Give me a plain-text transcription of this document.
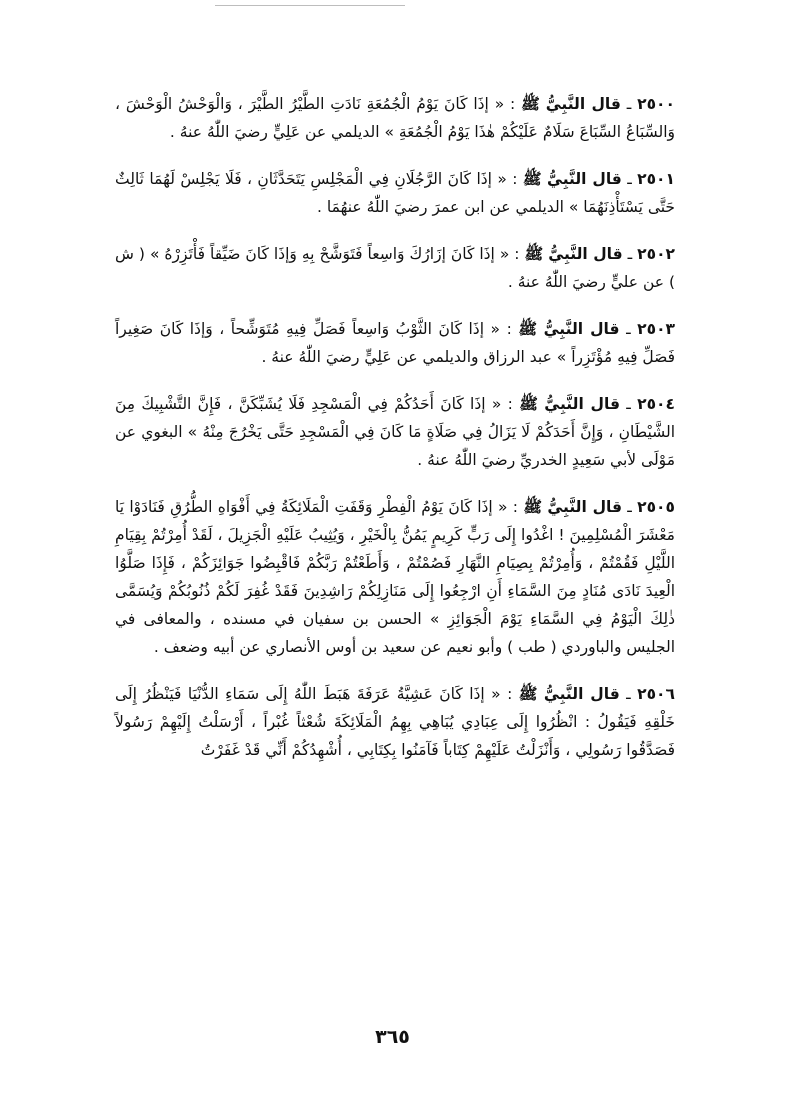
٢٥٠٠ ـ قال النَّبِيُّ ﷺ : « إذَا كَانَ يَوْمُ الْجُمُعَةِ نَادَتِ الطَّيْرُ الطَّيْرَ ، وَالْوَحْشُ الْوَحْشَ ، وَالسِّبَاعُ السِّبَاعَ سَلَامٌ عَلَيْكُمْ هٰذَا يَوْمُ الْجُمُعَةِ » الديلمي عن عَلِيٍّ رضيَ اللّٰهُ عنهُ .

٢٥٠١ ـ قال النَّبِيُّ ﷺ : « إذَا كَانَ الرَّجُلَانِ فِي الْمَجْلِسِ يَتَحَدَّثَانِ ، فَلَا يَجْلِسْ لَهُمَا ثَالِثٌ حَتَّى يَسْتَأْذِنَهُمَا » الديلمي عن ابن عمرَ رضيَ اللّٰهُ عنهُمَا .

٢٥٠٢ ـ قال النَّبِيُّ ﷺ : « إذَا كَانَ إزَارُكَ وَاسِعاً فَتَوَشَّحْ بِهِ وَإذَا كَانَ ضَيِّقاً فَأْتَزِرْهُ » ( ش ) عن عليٍّ رضيَ اللّٰهُ عنهُ .

٢٥٠٣ ـ قال النَّبِيُّ ﷺ : « إذَا كَانَ الثَّوْبُ وَاسِعاً فَصَلِّ فِيهِ مُتَوَشِّحاً ، وَإذَا كَانَ صَغِيراً فَصَلِّ فِيهِ مُؤْتَزِراً » عبد الرزاق والديلمي عن عَلِيٍّ رضيَ اللّٰهُ عنهُ .

٢٥٠٤ ـ قال النَّبِيُّ ﷺ : « إذَا كَانَ أَحَدُكُمْ فِي الْمَسْجِدِ فَلَا يُشَبِّكَنَّ ، فَإِنَّ التَّشْبِيكَ مِنَ الشَّيْطَانِ ، وَإِنَّ أَحَدَكُمْ لَا يَزَالُ فِي صَلَاةٍ مَا كَانَ فِي الْمَسْجِدِ حَتَّى يَخْرُجَ مِنْهُ » البغوي عن مَوْلَى لأبي سَعِيدٍ الخدريِّ رضيَ اللّٰهُ عنهُ .

٢٥٠٥ ـ قال النَّبِيُّ ﷺ : « إذَا كَانَ يَوْمُ الْفِطْرِ وَقَفَتِ الْمَلَائِكَةُ فِي أَفْوَاهِ الطُّرُقِ فَنَادَوْا يَا مَعْشَرَ الْمُسْلِمِينَ ! اغْدُوا إِلَى رَبٍّ كَرِيمٍ يَمُنُّ بِالْخَيْرِ ، وَيُثِيبُ عَلَيْهِ الْجَزِيلَ ، لَقَدْ أُمِرْتُمْ بِقِيَامِ اللَّيْلِ فَقُمْتُمْ ، وَأُمِرْتُمْ بِصِيَامِ النَّهَارِ فَصُمْتُمْ ، وَأَطَعْتُمْ رَبَّكُمْ فَاقْبِضُوا جَوَائِزَكُمْ ، فَإِذَا صَلَّوُا الْعِيدَ نَادَى مُنَادٍ مِنَ السَّمَاءِ أَنِ ارْجِعُوا إِلَى مَنَازِلِكُمْ رَاشِدِينَ فَقَدْ غُفِرَ لَكُمْ ذُنُوبُكُمْ وَيُسَمَّى ذٰلِكَ الْيَوْمُ فِي السَّمَاءِ يَوْمَ الْجَوَائِزِ » الحسن بن سفيان في مسنده ، والمعافى في الجليس والباوردي ( طب ) وأبو نعيم عن سعيد بن أوس الأنصاري عن أبيه وضعف .

٢٥٠٦ ـ قال النَّبِيُّ ﷺ : « إذَا كَانَ عَشِيَّةُ عَرَفَةَ هَبَطَ اللّٰهُ إِلَى سَمَاءِ الدُّنْيَا فَيَنْظُرُ إِلَى خَلْقِهِ فَيَقُولُ : انْظُرُوا إِلَى عِبَادِي يُبَاهِي بِهِمُ الْمَلَائِكَةَ شُعْثاً غُبْراً ، أَرْسَلْتُ إِلَيْهِمْ رَسُولاً فَصَدَّقُوا رَسُولِي ، وَأَنْزَلْتُ عَلَيْهِمْ كِتَاباً فَآمَنُوا بِكِتَابِي ، أُشْهِدُكُمْ أَنِّي قَدْ غَفَرْتُ

٣٦٥
